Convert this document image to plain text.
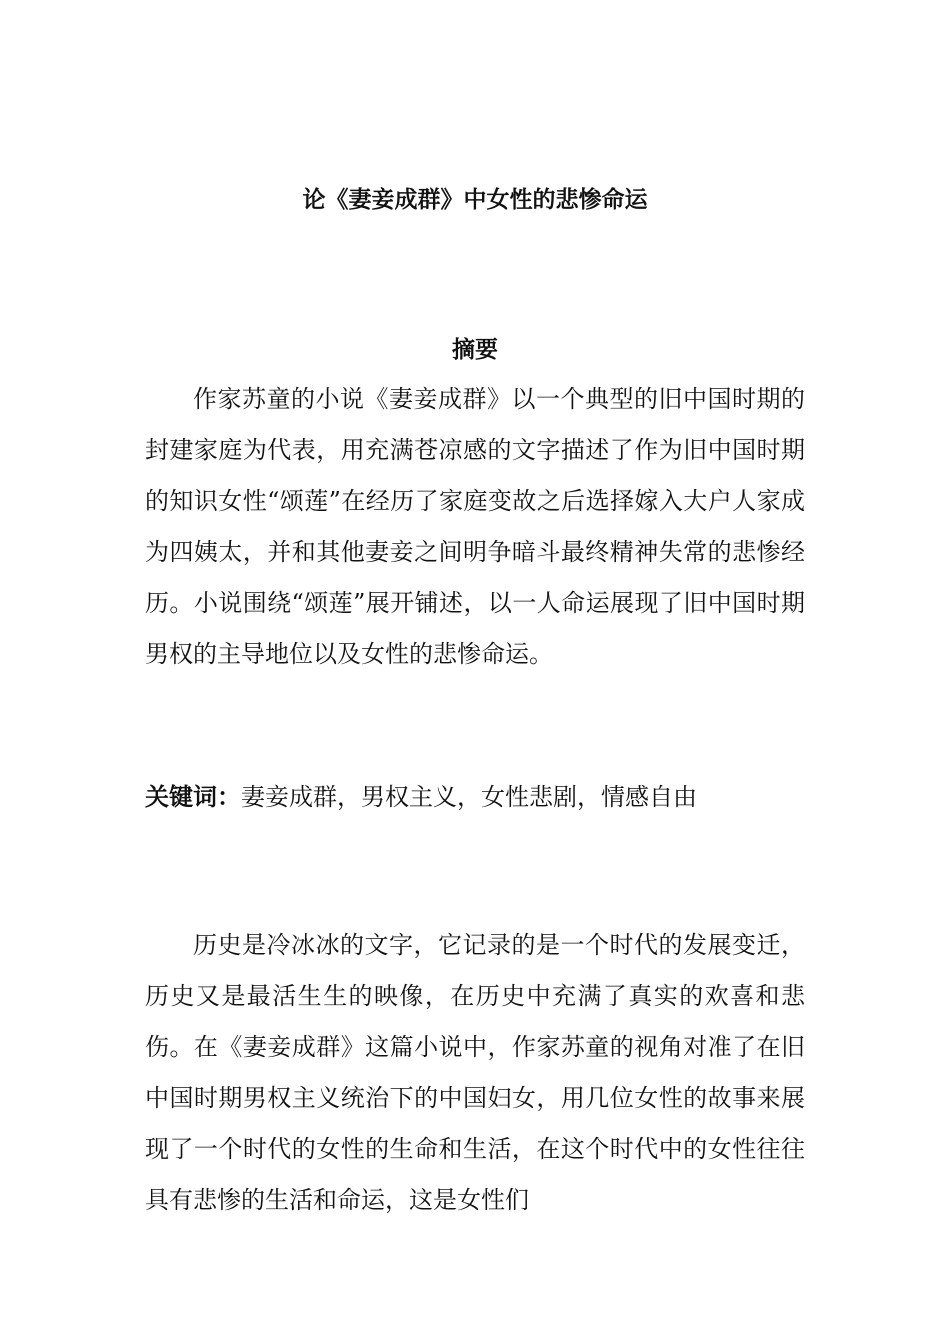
论《妻妾成群》中女性的悲惨命运
摘要

作家苏童的小说《妻妾成群》以一个典型的旧中国时期的封建家庭为代表，用充满苍凉感的文字描述了作为旧中国时期的知识女性“颂莲”在经历了家庭变故之后选择嫁入大户人家成为四姨太，并和其他妻妾之间明争暗斗最终精神失常的悲惨经历。小说围绕“颂莲”展开铺述，以一人命运展现了旧中国时期男权的主导地位以及女性的悲惨命运。

关键词：妻妾成群，男权主义，女性悲剧，情感自由

历史是冷冰冰的文字，它记录的是一个时代的发展变迁，历史又是最活生生的映像，在历史中充满了真实的欢喜和悲伤。在《妻妾成群》这篇小说中，作家苏童的视角对准了在旧中国时期男权主义统治下的中国妇女，用几位女性的故事来展现了一个时代的女性的生命和生活，在这个时代中的女性往往具有悲惨的生活和命运，这是女性们
